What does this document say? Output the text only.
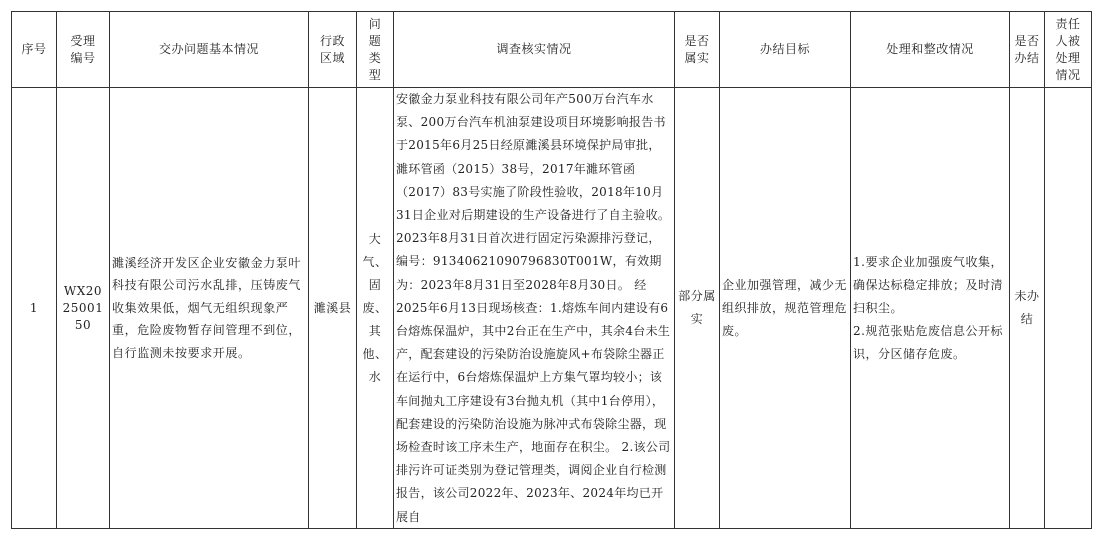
序号	受理编号	交办问题基本情况	行政区域	问题类型	调查核实情况	是否属实	办结目标	处理和整改情况	是否办结	责任人被处理情况

1	WX202500150	濉溪经济开发区企业安徽金力泵叶科技有限公司污水乱排，压铸废气收集效果低，烟气无组织现象严重，危险废物暂存间管理不到位，自行监测未按要求开展。	濉溪县	大气、固废、其他、水	安徽金力泵业科技有限公司年产500万台汽车水泵、200万台汽车机油泵建设项目环境影响报告书于2015年6月25日经原濉溪县环境保护局审批，濉环管函（2015）38号，2017年濉环管函（2017）83号实施了阶段性验收，2018年10月31日企业对后期建设的生产设备进行了自主验收。2023年8月31日首次进行固定污染源排污登记，编号：91340621090796830T001W，有效期为：2023年8月31日至2028年8月30日。 经2025年6月13日现场核查：1.熔炼车间内建设有6台熔炼保温炉，其中2台正在生产中，其余4台未生产，配套建设的污染防治设施旋风+布袋除尘器正在运行中，6台熔炼保温炉上方集气罩均较小；该车间抛丸工序建设有3台抛丸机（其中1台停用），配套建设的污染防治设施为脉冲式布袋除尘器，现场检查时该工序未生产，地面存在积尘。 2.该公司排污许可证类别为登记管理类，调阅企业自行检测报告，该公司2022年、2023年、2024年均已开展自	部分属实	企业加强管理，减少无组织排放，规范管理危废。	1.要求企业加强废气收集，确保达标稳定排放；及时清扫积尘。
2.规范张贴危废信息公开标识，分区储存危废。	未办结	
